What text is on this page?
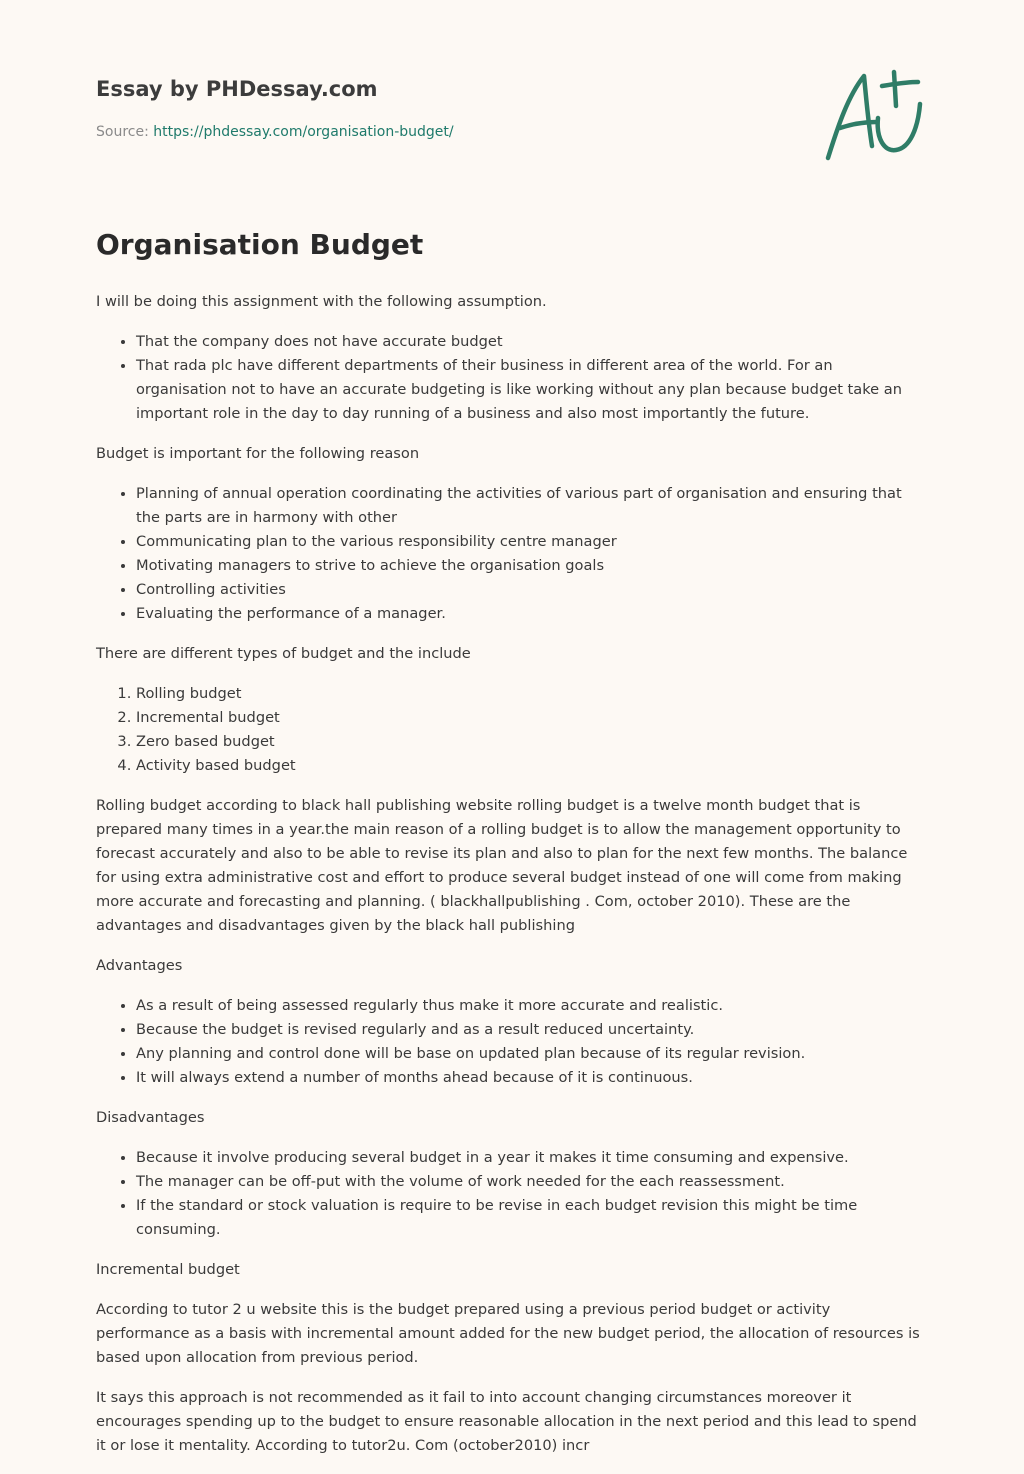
Essay by PHDessay.com
Source: https://phdessay.com/organisation-budget/
Organisation Budget

I will be doing this assignment with the following assumption.

• That the company does not have accurate budget
• That rada plc have different departments of their business in different area of the world. For an organisation not to have an accurate budgeting is like working without any plan because budget take an important role in the day to day running of a business and also most importantly the future.

Budget is important for the following reason

• Planning of annual operation coordinating the activities of various part of organisation and ensuring that the parts are in harmony with other
• Communicating plan to the various responsibility centre manager
• Motivating managers to strive to achieve the organisation goals
• Controlling activities
• Evaluating the performance of a manager.

There are different types of budget and the include

1. Rolling budget
2. Incremental budget
3. Zero based budget
4. Activity based budget

Rolling budget according to black hall publishing website rolling budget is a twelve month budget that is prepared many times in a year.the main reason of a rolling budget is to allow the management opportunity to forecast accurately and also to be able to revise its plan and also to plan for the next few months. The balance for using extra administrative cost and effort to produce several budget instead of one will come from making more accurate and forecasting and planning. ( blackhallpublishing . Com, october 2010). These are the advantages and disadvantages given by the black hall publishing

Advantages

• As a result of being assessed regularly thus make it more accurate and realistic.
• Because the budget is revised regularly and as a result reduced uncertainty.
• Any planning and control done will be base on updated plan because of its regular revision.
• It will always extend a number of months ahead because of it is continuous.

Disadvantages

• Because it involve producing several budget in a year it makes it time consuming and expensive.
• The manager can be off-put with the volume of work needed for the each reassessment.
• If the standard or stock valuation is require to be revise in each budget revision this might be time consuming.

Incremental budget

According to tutor 2 u website this is the budget prepared using a previous period budget or activity performance as a basis with incremental amount added for the new budget period, the allocation of resources is based upon allocation from previous period.

It says this approach is not recommended as it fail to into account changing circumstances moreover it encourages spending up to the budget to ensure reasonable allocation in the next period and this lead to spend it or lose it mentality. According to tutor2u. Com (october2010) incr
